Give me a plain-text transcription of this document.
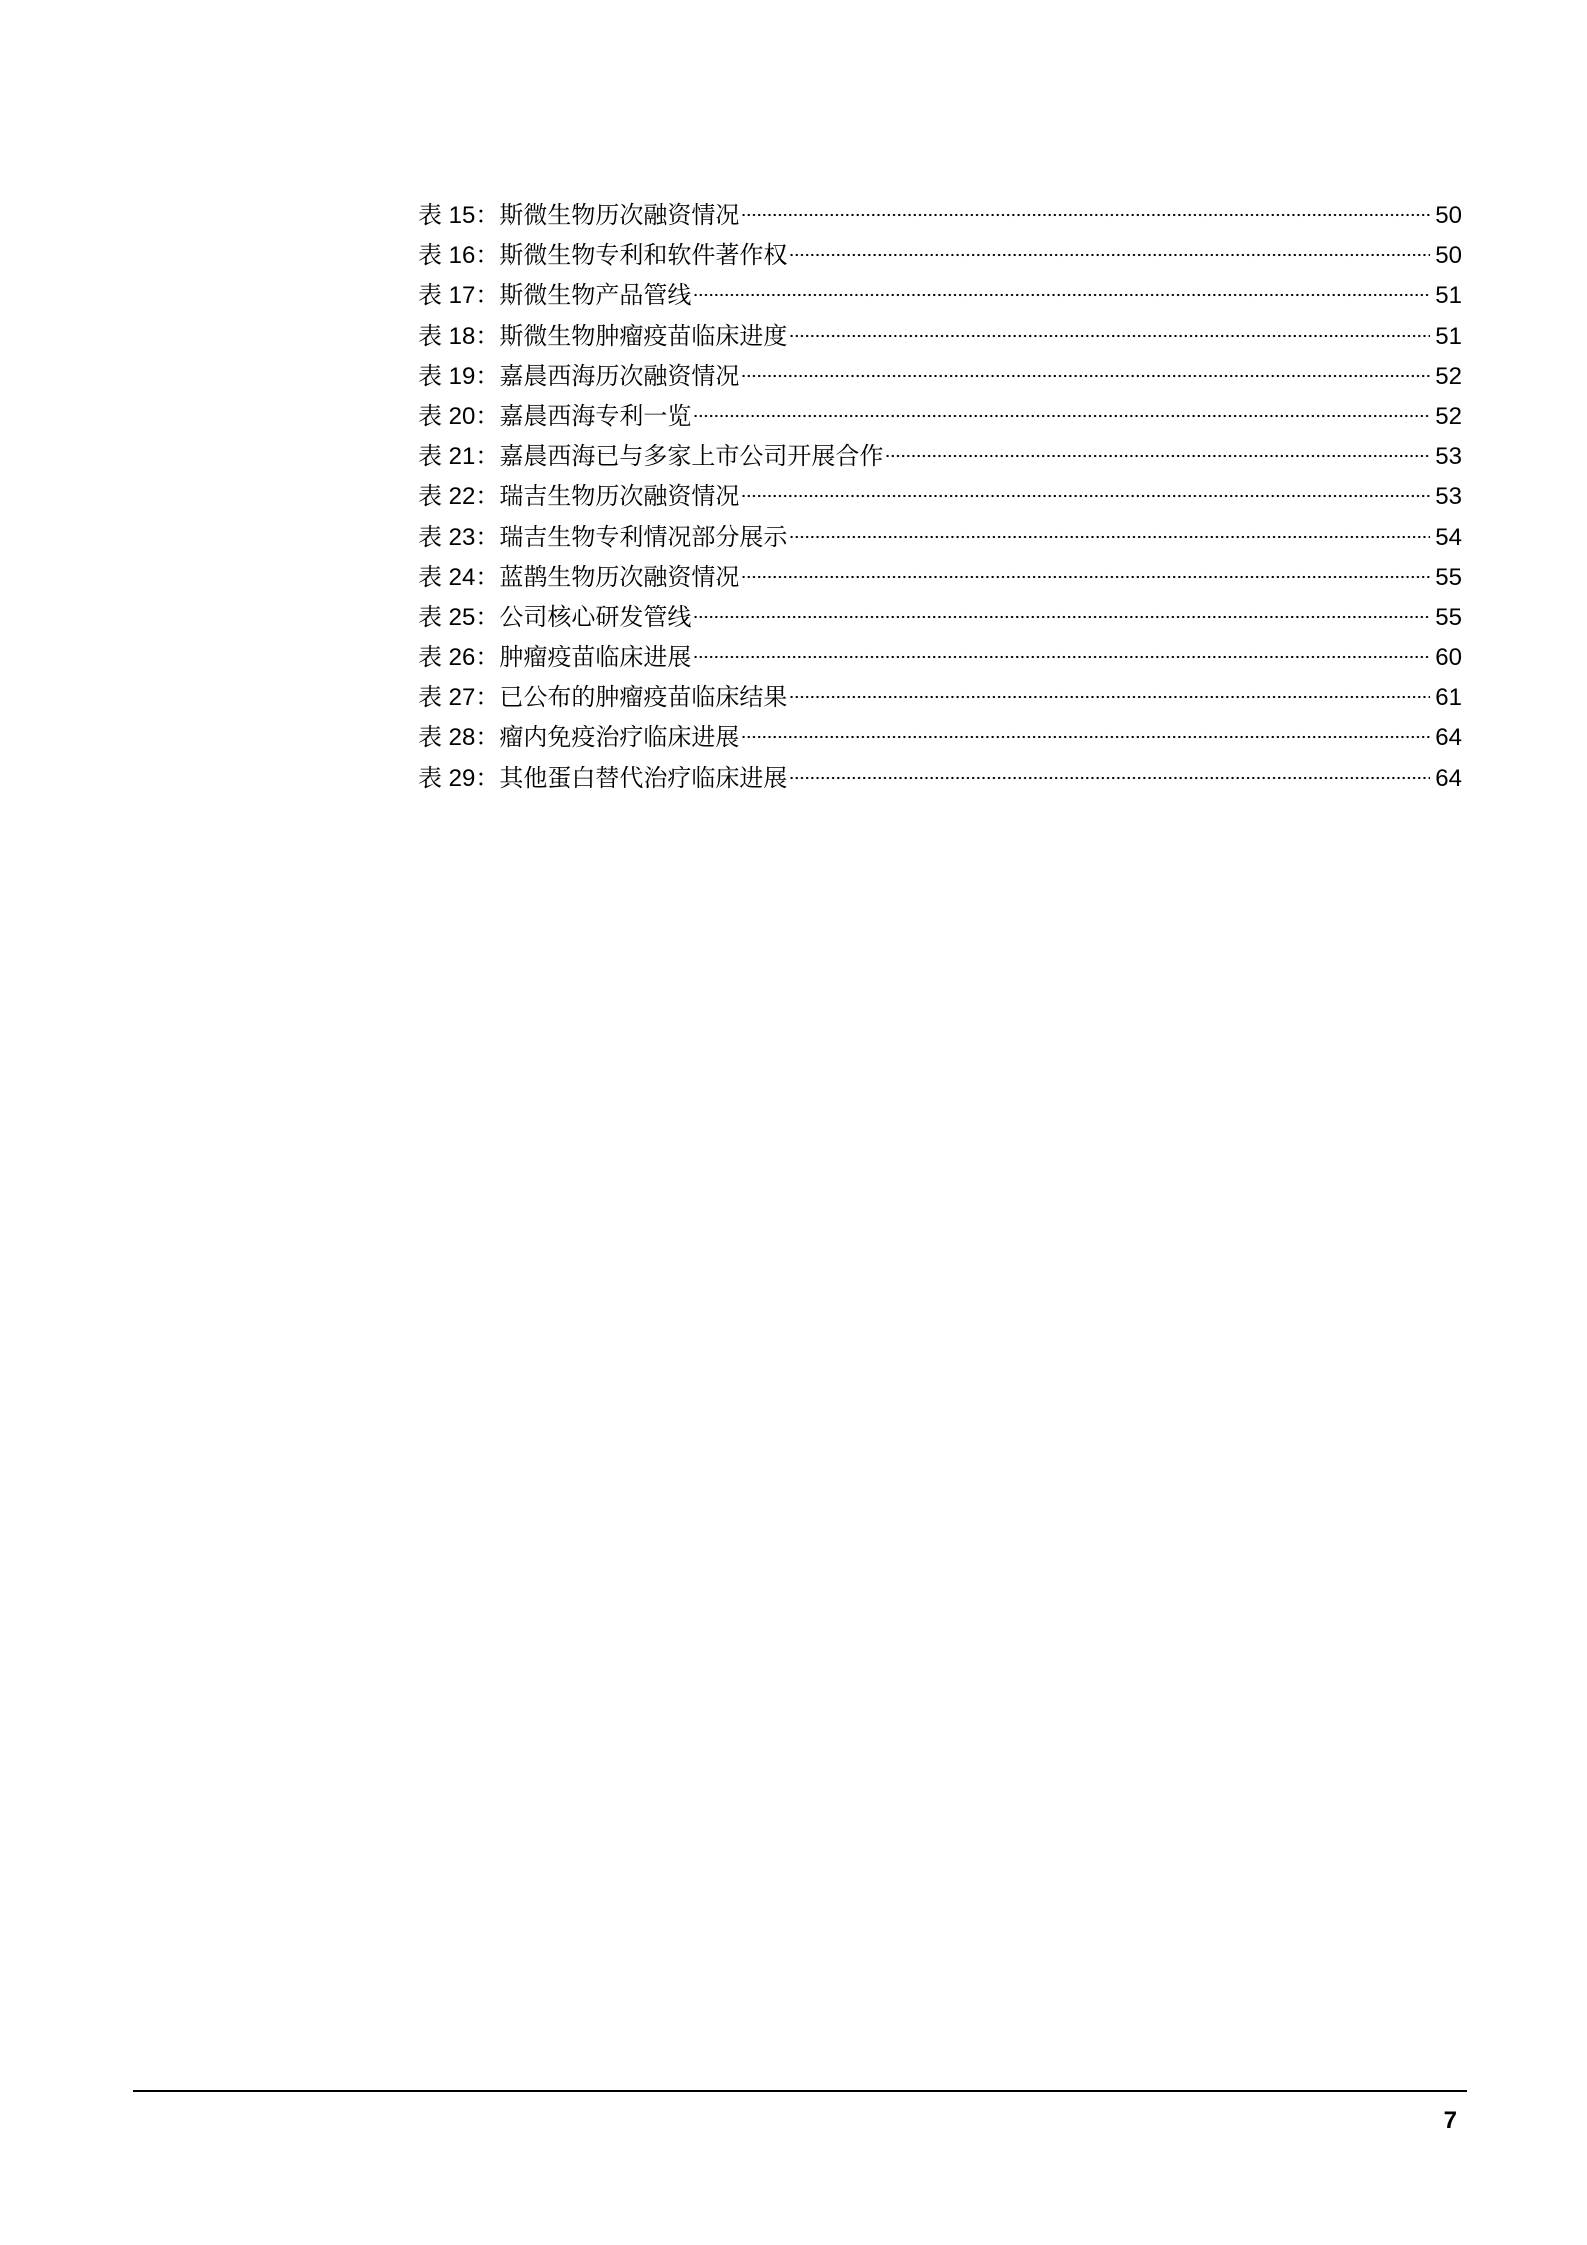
表 15： 斯微生物历次融资情况	50
表 16： 斯微生物专利和软件著作权	50
表 17： 斯微生物产品管线	51
表 18： 斯微生物肿瘤疫苗临床进度	51
表 19： 嘉晨西海历次融资情况	52
表 20： 嘉晨西海专利一览	52
表 21： 嘉晨西海已与多家上市公司开展合作	53
表 22： 瑞吉生物历次融资情况	53
表 23： 瑞吉生物专利情况部分展示	54
表 24： 蓝鹊生物历次融资情况	55
表 25： 公司核心研发管线	55
表 26： 肿瘤疫苗临床进展	60
表 27： 已公布的肿瘤疫苗临床结果	61
表 28： 瘤内免疫治疗临床进展	64
表 29： 其他蛋白替代治疗临床进展	64
7
